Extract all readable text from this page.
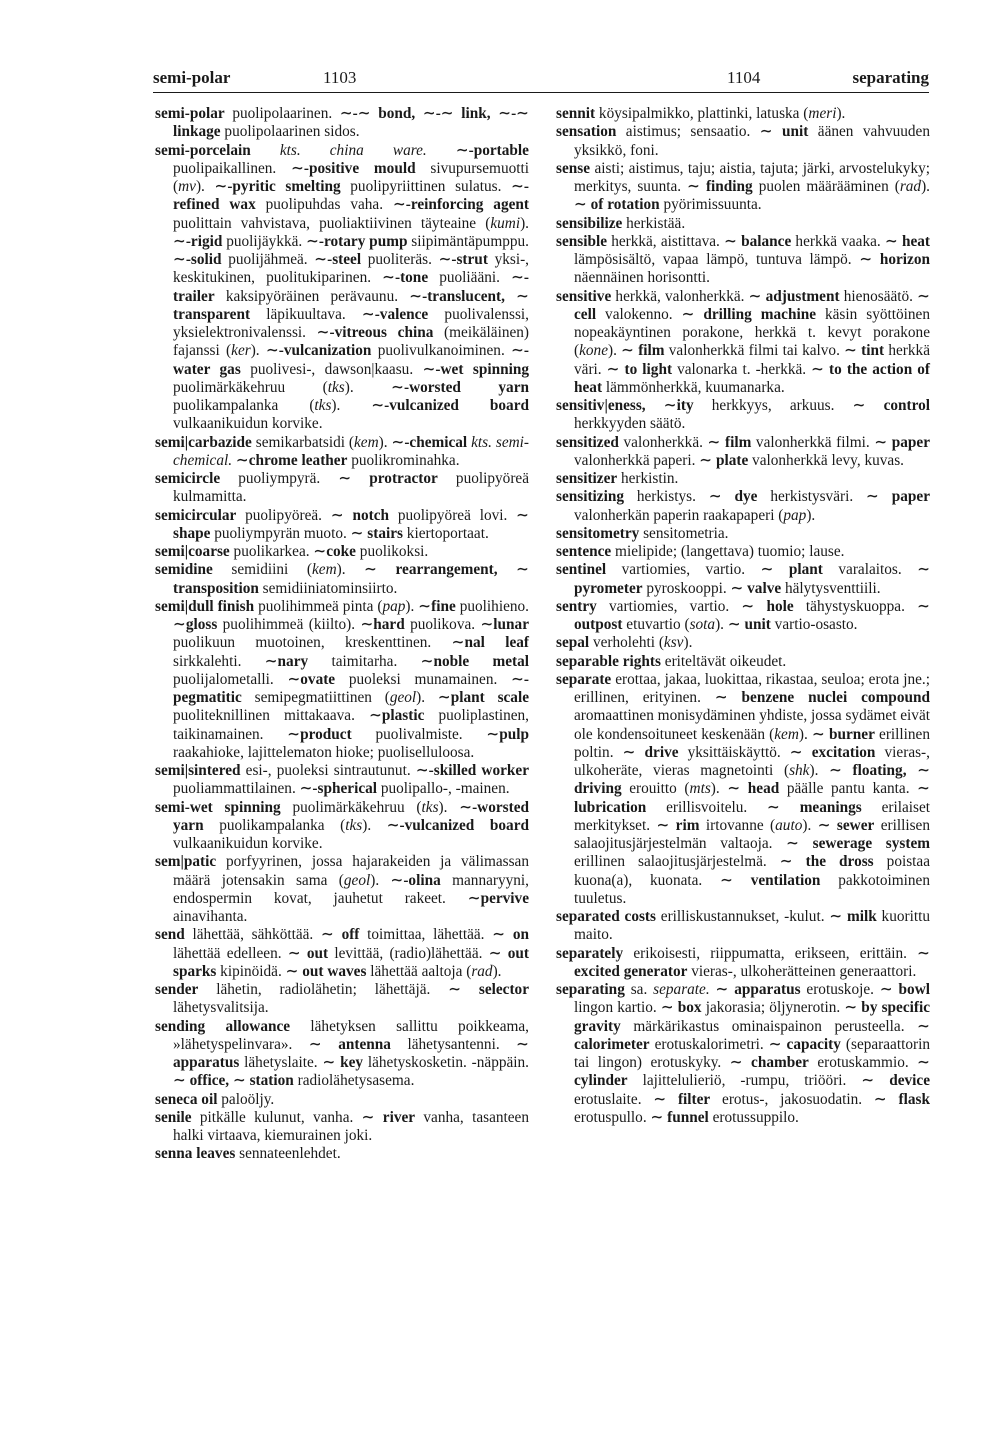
semi-polar	1103	1104	separating

semi-polar puolipolaarinen. ∼-∼ bond, ∼-∼ link, ∼-∼ linkage puolipolaarinen sidos.

semi-porcelain kts. china ware. ∼-portable puolipaikallinen. ∼-positive mould sivupursemuotti (mv). ∼-pyritic smelting puolipyriittinen sulatus. ∼-refined wax puolipuhdas vaha. ∼-reinforcing agent puolittain vahvistava, puoliaktiivinen täyteaine (kumi). ∼-rigid puolijäykkä. ∼-rotary pump siipimäntäpumppu. ∼-solid puolijähmeä. ∼-steel puoliteräs. ∼-strut yksi-, keskitukinen, puolitukiparinen. ∼-tone puoliääni. ∼-trailer kaksipyöräinen perävaunu. ∼-translucent, ∼ transparent läpikuultava. ∼-valence puolivalenssi, yksielektronivalenssi. ∼-vitreous china (meikäläinen) fajanssi (ker). ∼-vulcanization puolivulkanoiminen. ∼-water gas puolivesi-, dawson|kaasu. ∼-wet spinning puolimärkäkehruu (tks). ∼-worsted yarn puolikampalanka (tks). ∼-vulcanized board vulkaanikuidun korvike.

semi|carbazide semikarbatsidi (kem). ∼-chemical kts. semi-chemical. ∼chrome leather puolikrominahka.

semicircle puoliympyrä. ∼ protractor puolipyöreä kulmamitta.

semicircular puolipyöreä. ∼ notch puolipyöreä lovi. ∼ shape puoliympyrän muoto. ∼ stairs kiertoportaat.

semi|coarse puolikarkea. ∼coke puolikoksi.

semidine semidiini (kem). ∼ rearrangement, ∼ transposition semidiiniatominsiirto.

semi|dull finish puolihimmeä pinta (pap). ∼fine puolihieno. ∼gloss puolihimmeä (kiilto). ∼hard puolikova. ∼lunar puolikuun muotoinen, kreskenttinen. ∼nal leaf sirkkalehti. ∼nary taimitarha. ∼noble metal puolijalometalli. ∼ovate puoleksi munamainen. ∼-pegmatitic semipegmatiittinen (geol). ∼plant scale puoliteknillinen mittakaava. ∼plastic puoliplastinen, taikinamainen. ∼product puolivalmiste. ∼pulp raakahioke, lajittelematon hioke; puoliselluloosa.

semi|sintered esi-, puoleksi sintrautunut. ∼-skilled worker puoliammattilainen. ∼-spherical puolipallo-, -mainen.

semi-wet spinning puolimärkäkehruu (tks). ∼-worsted yarn puolikampalanka (tks). ∼-vulcanized board vulkaanikuidun korvike.

sem|patic porfyyrinen, jossa hajarakeiden ja välimassan määrä jotensakin sama (geol). ∼-olina mannaryyni, endospermin kovat, jauhetut rakeet. ∼pervive ainavihanta.

send lähettää, sähköttää. ∼ off toimittaa, lähettää. ∼ on lähettää edelleen. ∼ out levittää, (radio)lähettää. ∼ out sparks kipinöidä. ∼ out waves lähettää aaltoja (rad).

sender lähetin, radiolähetin; lähettäjä. ∼ selector lähetysvalitsija.

sending allowance lähetyksen sallittu poikkeama, »lähetyspelinvara». ∼ antenna lähetysantenni. ∼ apparatus lähetyslaite. ∼ key lähetyskosketin. -näppäin. ∼ office, ∼ station radiolähetysasema.

seneca oil paloöljy.

senile pitkälle kulunut, vanha. ∼ river vanha, tasanteen halki virtaava, kiemurainen joki.

senna leaves sennateenlehdet.

sennit köysipalmikko, plattinki, latuska (meri).

sensation aistimus; sensaatio. ∼ unit äänen vahvuuden yksikkö, foni.

sense aisti; aistimus, taju; aistia, tajuta; järki, arvostelukyky; merkitys, suunta. ∼ finding puolen määrääminen (rad). ∼ of rotation pyörimissuunta.

sensibilize herkistää.

sensible herkkä, aistittava. ∼ balance herkkä vaaka. ∼ heat lämpösisältö, vapaa lämpö, tuntuva lämpö. ∼ horizon näennäinen horisontti.

sensitive herkkä, valonherkkä. ∼ adjustment hienosäätö. ∼ cell valokenno. ∼ drilling machine käsin syöttöinen nopeakäyntinen porakone, herkkä t. kevyt porakone (kone). ∼ film valonherkkä filmi tai kalvo. ∼ tint herkkä väri. ∼ to light valonarka t. -herkkä. ∼ to the action of heat lämmönherkkä, kuumanarka.

sensitiv|eness, ∼ity herkkyys, arkuus. ∼ control herkkyyden säätö.

sensitized valonherkkä. ∼ film valonherkkä filmi. ∼ paper valonherkkä paperi. ∼ plate valonherkkä levy, kuvas.

sensitizer herkistin.

sensitizing herkistys. ∼ dye herkistysväri. ∼ paper valonherkän paperin raakapaperi (pap).

sensitometry sensitometria.

sentence mielipide; (langettava) tuomio; lause.

sentinel vartiomies, vartio. ∼ plant varalaitos. ∼ pyrometer pyroskooppi. ∼ valve hälytysventtiili.

sentry vartiomies, vartio. ∼ hole tähystyskuoppa. ∼ outpost etuvartio (sota). ∼ unit vartio-osasto.

sepal verholehti (ksv).

separable rights eriteltävät oikeudet.

separate erottaa, jakaa, luokittaa, rikastaa, seuloa; erota jne.; erillinen, erityinen. ∼ benzene nuclei compound aromaattinen monisydäminen yhdiste, jossa sydämet eivät ole kondensoituneet keskenään (kem). ∼ burner erillinen poltin. ∼ drive yksittäiskäyttö. ∼ excitation vieras-, ulkoheräte, vieras magnetointi (shk). ∼ floating, ∼ driving erouitto (mts). ∼ head päälle pantu kanta. ∼ lubrication erillisvoitelu. ∼ meanings erilaiset merkitykset. ∼ rim irtovanne (auto). ∼ sewer erillisen salaojitusjärjestelmän valtaoja. ∼ sewerage system erillinen salaojitusjärjestelmä. ∼ the dross poistaa kuona(a), kuonata. ∼ ventilation pakkotoiminen tuuletus.

separated costs erilliskustannukset, -kulut. ∼ milk kuorittu maito.

separately erikoisesti, riippumatta, erikseen, erittäin. ∼ excited generator vieras-, ulkoherätteinen generaattori.

separating sa. separate. ∼ apparatus erotuskoje. ∼ bowl lingon kartio. ∼ box jakorasia; öljynerotin. ∼ by specific gravity märkärikastus ominaispainon perusteella. ∼ calorimeter erotuskalorimetri. ∼ capacity (separaattorin tai lingon) erotuskyky. ∼ chamber erotuskammio. ∼ cylinder lajittelulieriö, -rumpu, triööri. ∼ device erotuslaite. ∼ filter erotus-, jakosuodatin. ∼ flask erotuspullo. ∼ funnel erotussuppilo.
